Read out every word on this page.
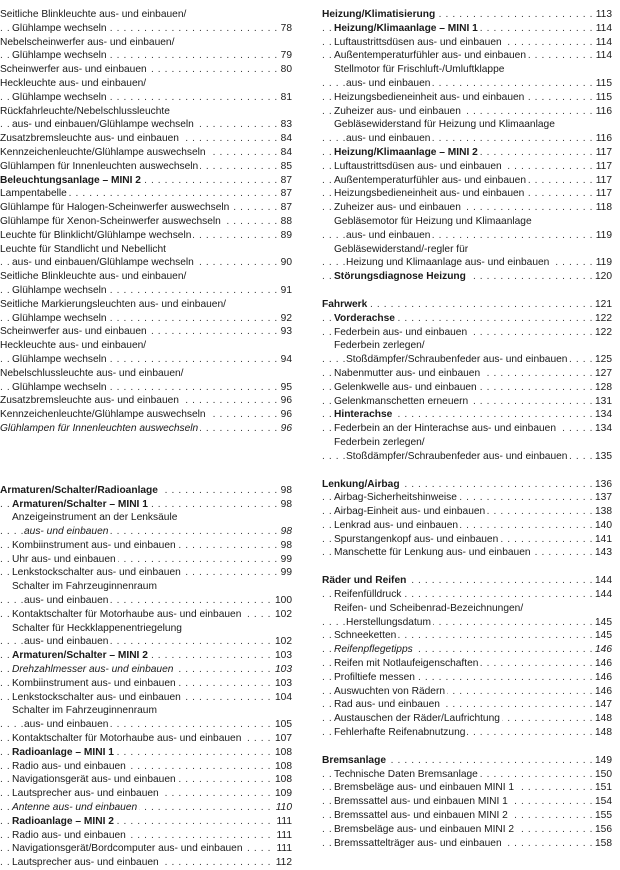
Seitliche Blinkleuchte aus- und einbauen/
Glühlampe wechseln	78
. . .
Nebelscheinwerfer aus- und einbauen/
Glühlampe wechseln	79
. . .
Scheinwerfer aus- und einbauen	80
. . .
Heckleuchte aus- und einbauen/
Glühlampe wechseln	81
. . .
Rückfahrleuchte/Nebelschlussleuchte
aus- und einbauen/Glühlampe wechseln	83
. . .
Zusatzbremsleuchte aus- und einbauen	84
. . .
Kennzeichenleuchte/Glühlampe auswechseln	84
. . .
Glühlampen für Innenleuchten auswechseln	85
. . .
Beleuchtungsanlage – MINI 2	87
. . .
Lampentabelle	87
. . .
Glühlampe für Halogen-Scheinwerfer auswechseln	87
. . .
Glühlampe für Xenon-Scheinwerfer auswechseln	88
. . .
Leuchte für Blinklicht/Glühlampe wechseln	89
. . .
Leuchte für Standlicht und Nebellicht
aus- und einbauen/Glühlampe wechseln	90
. . .
Seitliche Blinkleuchte aus- und einbauen/
Glühlampe wechseln	91
. . .
Seitliche Markierungsleuchten aus- und einbauen/
Glühlampe wechseln	92
. . .
Scheinwerfer aus- und einbauen	93
. . .
Heckleuchte aus- und einbauen/
Glühlampe wechseln	94
. . .
Nebelschlussleuchte aus- und einbauen/
Glühlampe wechseln	95
. . .
Zusatzbremsleuchte aus- und einbauen	96
. . .
Kennzeichenleuchte/Glühlampe auswechseln	96
. . .
Glühlampen für Innenleuchten auswechseln	96
. . .
Armaturen/Schalter/Radioanlage	98
. . .
Armaturen/Schalter – MINI 1	98
. . .
Anzeigeinstrument an der Lenksäule
aus- und einbauen	98
. . .
Kombiinstrument aus- und einbauen	98
. . .
Uhr aus- und einbauen	99
. . .
Lenkstockschalter aus- und einbauen	99
. . .
Schalter im Fahrzeuginnenraum
aus- und einbauen	100
. . .
Kontaktschalter für Motorhaube aus- und einbauen	102
. . .
Schalter für Heckklappenentriegelung
aus- und einbauen	102
. . .
Armaturen/Schalter – MINI 2	103
. . .
Drehzahlmesser aus- und einbauen	103
. . .
Kombiinstrument aus- und einbauen	103
. . .
Lenkstockschalter aus- und einbauen	104
. . .
Schalter im Fahrzeuginnenraum
aus- und einbauen	105
. . .
Kontaktschalter für Motorhaube aus- und einbauen	107
. . .
Radioanlage – MINI 1	108
. . .
Radio aus- und einbauen	108
. . .
Navigationsgerät aus- und einbauen	108
. . .
Lautsprecher aus- und einbauen	109
. . .
Antenne aus- und einbauen	110
. . .
Radioanlage – MINI 2	111
. . .
Radio aus- und einbauen	111
. . .
Navigationsgerät/Bordcomputer aus- und einbauen	111
. . .
Lautsprecher aus- und einbauen	112
. . .
Heizung/Klimatisierung	113
. . .
Heizung/Klimaanlage – MINI 1	114
. . .
Luftaustrittsdüsen aus- und einbauen	114
. . .
Außentemperaturfühler aus- und einbauen	114
. . .
Stellmotor für Frischluft-/Umluftklappe
aus- und einbauen	115
. . .
Heizungsbedieneinheit aus- und einbauen	115
. . .
Zuheizer aus- und einbauen	116
. . .
Gebläsewiderstand für Heizung und Klimaanlage
aus- und einbauen	116
. . .
Heizung/Klimaanlage – MINI 2	117
. . .
Luftaustrittsdüsen aus- und einbauen	117
. . .
Außentemperaturfühler aus- und einbauen	117
. . .
Heizungsbedieneinheit aus- und einbauen	117
. . .
Zuheizer aus- und einbauen	118
. . .
Gebläsemotor für Heizung und Klimaanlage
aus- und einbauen	119
. . .
Gebläsewiderstand/-regler für
Heizung und Klimaanlage aus- und einbauen	119
. . .
Störungsdiagnose Heizung	120
. . .
Fahrwerk	121
. . .
Vorderachse	122
. . .
Federbein aus- und einbauen	122
. . .
Federbein zerlegen/
Stoßdämpfer/Schraubenfeder aus- und einbauen	125
. . .
Nabenmutter aus- und einbauen	127
. . .
Gelenkwelle aus- und einbauen	128
. . .
Gelenkmanschetten erneuern	131
. . .
Hinterachse	134
. . .
Federbein an der Hinterachse aus- und einbauen	134
. . .
Federbein zerlegen/
Stoßdämpfer/Schraubenfeder aus- und einbauen	135
. . .
Lenkung/Airbag	136
. . .
Airbag-Sicherheitshinweise	137
. . .
Airbag-Einheit aus- und einbauen	138
. . .
Lenkrad aus- und einbauen	140
. . .
Spurstangenkopf aus- und einbauen	141
. . .
Manschette für Lenkung aus- und einbauen	143
. . .
Räder und Reifen	144
. . .
Reifenfülldruck	144
. . .
Reifen- und Scheibenrad-Bezeichnungen/
Herstellungsdatum	145
. . .
Schneeketten	145
. . .
Reifenpflegetipps	146
. . .
Reifen mit Notlaufeigenschaften	146
. . .
Profiltiefe messen	146
. . .
Auswuchten von Rädern	146
. . .
Rad aus- und einbauen	147
. . .
Austauschen der Räder/Laufrichtung	148
. . .
Fehlerhafte Reifenabnutzung	148
. . .
Bremsanlage	149
. . .
Technische Daten Bremsanlage	150
. . .
Bremsbeläge aus- und einbauen MINI 1	151
. . .
Bremssattel aus- und einbauen MINI 1	154
. . .
Bremssattel aus- und einbauen MINI 2	155
. . .
Bremsbeläge aus- und einbauen MINI 2	156
. . .
Bremssattelträger aus- und einbauen	158
. . .
